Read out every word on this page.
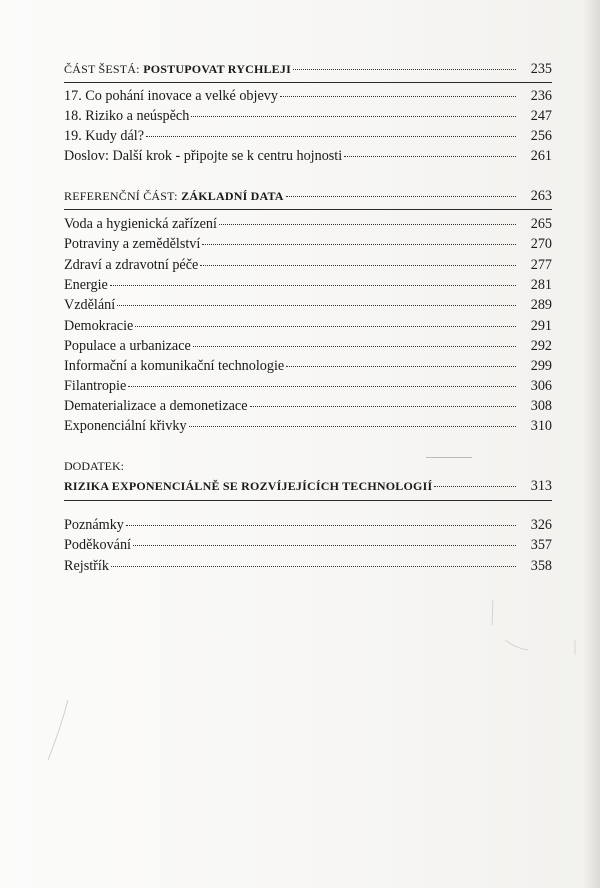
ČÁST ŠESTÁ: POSTUPOVAT RYCHLEJI	235
17. Co pohání inovace a velké objevy	236
18. Riziko a neúspěch	247
19. Kudy dál?	256
Doslov: Další krok - připojte se k centru hojnosti	261
REFERENČNÍ ČÁST: ZÁKLADNÍ DATA	263
Voda a hygienická zařízení	265
Potraviny a zemědělství	270
Zdraví a zdravotní péče	277
Energie	281
Vzdělání	289
Demokracie	291
Populace a urbanizace	292
Informační a komunikační technologie	299
Filantropie	306
Dematerializace a demonetizace	308
Exponenciální křivky	310
DODATEK:
RIZIKA EXPONENCIÁLNĚ SE ROZVÍJEJÍCÍCH TECHNOLOGIÍ	313
Poznámky	326
Poděkování	357
Rejstřík	358
